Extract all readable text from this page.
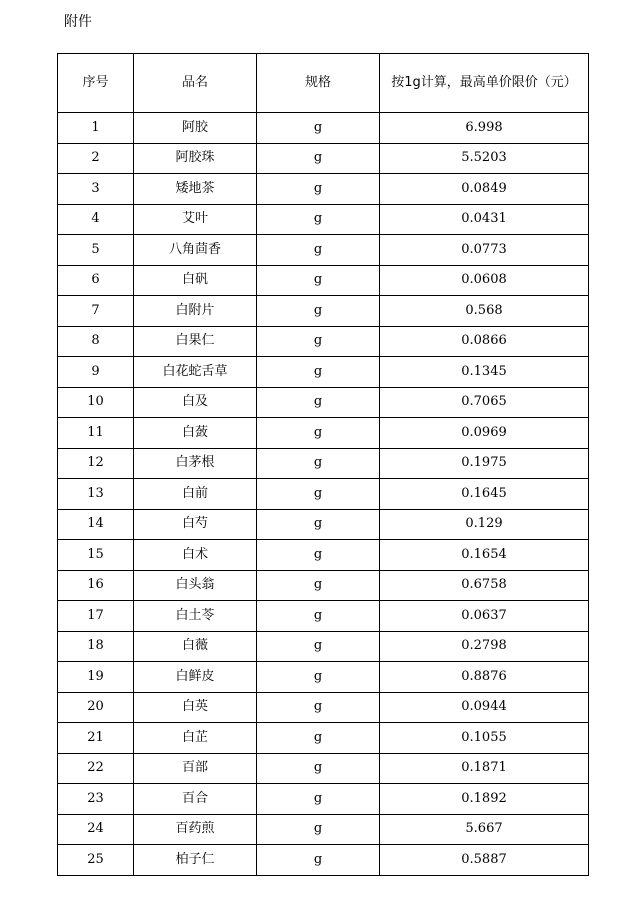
附件
序号	品名	规格	按1g计算，最高单价限价（元）
1	阿胶	g	6.998
2	阿胶珠	g	5.5203
3	矮地茶	g	0.0849
4	艾叶	g	0.0431
5	八角茴香	g	0.0773
6	白矾	g	0.0608
7	白附片	g	0.568
8	白果仁	g	0.0866
9	白花蛇舌草	g	0.1345
10	白及	g	0.7065
11	白蔹	g	0.0969
12	白茅根	g	0.1975
13	白前	g	0.1645
14	白芍	g	0.129
15	白术	g	0.1654
16	白头翁	g	0.6758
17	白土苓	g	0.0637
18	白薇	g	0.2798
19	白鲜皮	g	0.8876
20	白英	g	0.0944
21	白芷	g	0.1055
22	百部	g	0.1871
23	百合	g	0.1892
24	百药煎	g	5.667
25	柏子仁	g	0.5887
